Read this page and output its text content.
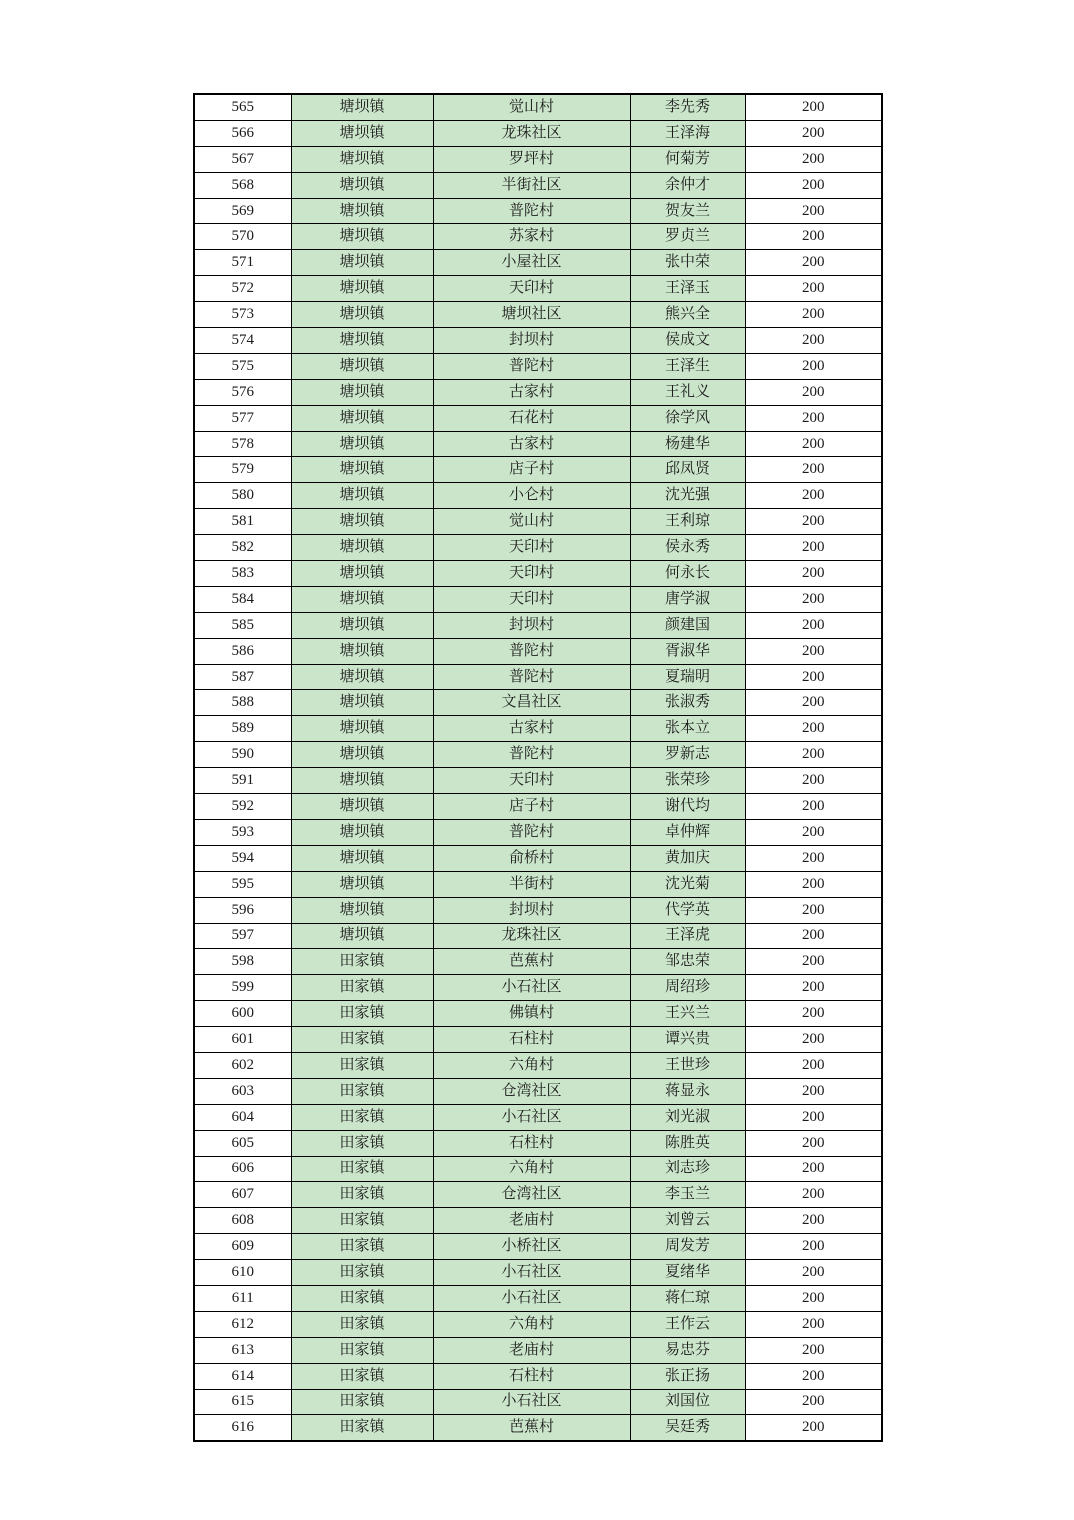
565	塘坝镇	觉山村	李先秀	200
566	塘坝镇	龙珠社区	王泽海	200
567	塘坝镇	罗坪村	何菊芳	200
568	塘坝镇	半街社区	余仲才	200
569	塘坝镇	普陀村	贺友兰	200
570	塘坝镇	苏家村	罗贞兰	200
571	塘坝镇	小屋社区	张中荣	200
572	塘坝镇	天印村	王泽玉	200
573	塘坝镇	塘坝社区	熊兴全	200
574	塘坝镇	封坝村	侯成文	200
575	塘坝镇	普陀村	王泽生	200
576	塘坝镇	古家村	王礼义	200
577	塘坝镇	石花村	徐学风	200
578	塘坝镇	古家村	杨建华	200
579	塘坝镇	店子村	邱凤贤	200
580	塘坝镇	小仑村	沈光强	200
581	塘坝镇	觉山村	王利琼	200
582	塘坝镇	天印村	侯永秀	200
583	塘坝镇	天印村	何永长	200
584	塘坝镇	天印村	唐学淑	200
585	塘坝镇	封坝村	颜建国	200
586	塘坝镇	普陀村	胥淑华	200
587	塘坝镇	普陀村	夏瑞明	200
588	塘坝镇	文昌社区	张淑秀	200
589	塘坝镇	古家村	张本立	200
590	塘坝镇	普陀村	罗新志	200
591	塘坝镇	天印村	张荣珍	200
592	塘坝镇	店子村	谢代均	200
593	塘坝镇	普陀村	卓仲辉	200
594	塘坝镇	俞桥村	黄加庆	200
595	塘坝镇	半街村	沈光菊	200
596	塘坝镇	封坝村	代学英	200
597	塘坝镇	龙珠社区	王泽虎	200
598	田家镇	芭蕉村	邹忠荣	200
599	田家镇	小石社区	周绍珍	200
600	田家镇	佛镇村	王兴兰	200
601	田家镇	石柱村	谭兴贵	200
602	田家镇	六角村	王世珍	200
603	田家镇	仓湾社区	蒋显永	200
604	田家镇	小石社区	刘光淑	200
605	田家镇	石柱村	陈胜英	200
606	田家镇	六角村	刘志珍	200
607	田家镇	仓湾社区	李玉兰	200
608	田家镇	老庙村	刘曾云	200
609	田家镇	小桥社区	周发芳	200
610	田家镇	小石社区	夏绪华	200
611	田家镇	小石社区	蒋仁琼	200
612	田家镇	六角村	王作云	200
613	田家镇	老庙村	易忠芬	200
614	田家镇	石柱村	张正扬	200
615	田家镇	小石社区	刘国位	200
616	田家镇	芭蕉村	吴廷秀	200
